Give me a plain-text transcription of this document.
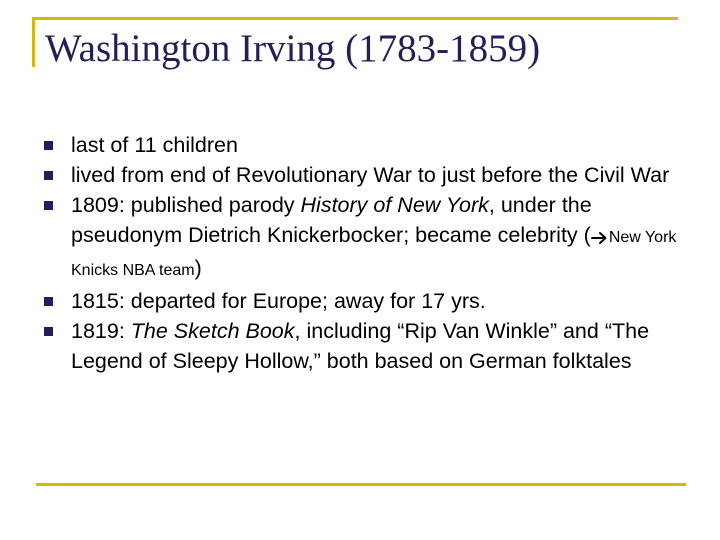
Washington Irving (1783-1859)
last of 11 children
lived from end of Revolutionary War to just before the Civil War
1809: published parody History of New York, under the pseudonym Dietrich Knickerbocker; became celebrity ( New York Knicks NBA team)
1815: departed for Europe; away for 17 yrs.
1819: The Sketch Book, including “Rip Van Winkle” and “The Legend of Sleepy Hollow,” both based on German folktales
